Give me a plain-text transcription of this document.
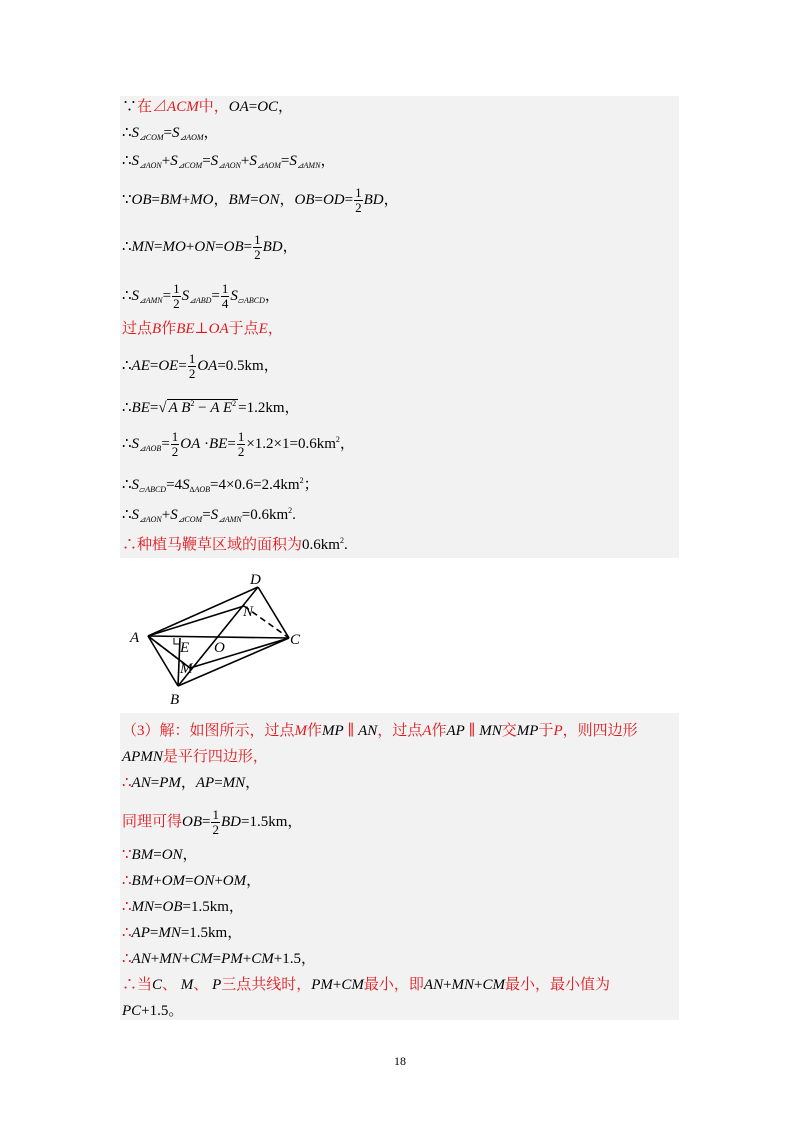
∵在⊿ACM中，OA=OC，
$\therefore S_{⊿COM}=S_{⊿AOM}$，
$\therefore S_{⊿AON}+S_{⊿COM}=S_{⊿AON}+S_{⊿AOM}=S_{⊿AMN}$，
∵OB=BM+MO，BM=ON，$OB=OD= \frac{1}{2}$ BD，
∴MN=MO+ON=OB= $\frac{1}{2}$ BD，
$\therefore S_{⊿AMN}= \frac{1}{2} S_{⊿ABD}= \frac{1}{4} S_{▱ABCD}$，
过点B作BE⊥OA于点E，
∴AE=OE= $\frac{1}{2} OA=0.5km$，
∴BE=√ A $B^2 - A$ $E^2 =1.2km$，
$\therefore S_{⊿AOB}= \frac{1}{2}$ OA $\cdot BE= \frac{1}{2} \times 1.2\times 1=0.6km^2$，
$\therefore S_{▱ABCD}=4S_{\Delta AOB}=4\times 0.6=2.4km^2$；
$\therefore S_{⊿AON}+S_{⊿COM}=S_{⊿AMN}=0.6km^2$.
∴种植马鞭草区域的面积为$0.6km^2$.
A
B
C
D
E
M
N
O
（3）解：如图所示，过点M作MP ∥ AN，过点A作AP ∥ MN交MP于P，则四边形
APMN是平行四边形，
∴AN=PM，AP=MN，
同理可得$OB= \frac{1}{2} BD=1.5km$，
∵BM=ON，
∴BM+OM=ON+OM，
∴MN=OB=1.5km，
∴AP=MN=1.5km，
∴AN+MN+CM=PM+CM+1.5，
∴当C、 M、 P三点共线时，PM+CM最小，即AN+MN+CM最小，最小值为
PC+1.5。
18
